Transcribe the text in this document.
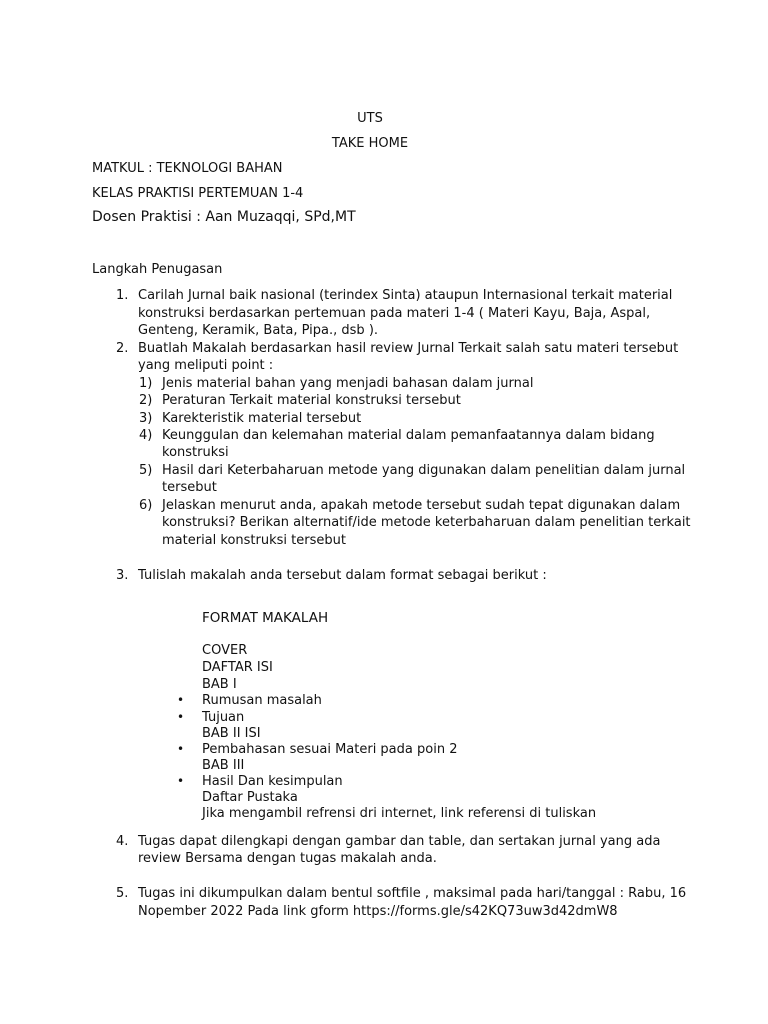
UTS
TAKE HOME
MATKUL : TEKNOLOGI BAHAN
KELAS PRAKTISI PERTEMUAN 1-4
Dosen Praktisi : Aan Muzaqqi, SPd,MT
Langkah Penugasan
1. Carilah Jurnal baik nasional (terindex Sinta) ataupun Internasional terkait material
konstruksi berdasarkan pertemuan pada materi 1-4 ( Materi Kayu, Baja, Aspal,
Genteng, Keramik, Bata, Pipa., dsb ).
2. Buatlah Makalah berdasarkan hasil review Jurnal Terkait salah satu materi tersebut
yang meliputi point :
1) Jenis material bahan yang menjadi bahasan dalam jurnal
2) Peraturan Terkait material konstruksi tersebut
3) Karekteristik material tersebut
4) Keunggulan dan kelemahan material dalam pemanfaatannya dalam bidang
konstruksi
5) Hasil dari Keterbaharuan metode yang digunakan dalam penelitian dalam jurnal
tersebut
6) Jelaskan menurut anda, apakah metode tersebut sudah tepat digunakan dalam
konstruksi? Berikan alternatif/ide metode keterbaharuan dalam penelitian terkait
material konstruksi tersebut
3. Tulislah makalah anda tersebut dalam format sebagai berikut :
FORMAT MAKALAH
COVER
DAFTAR ISI
BAB I
• Rumusan masalah
• Tujuan
BAB II ISI
• Pembahasan sesuai Materi pada poin 2
BAB III
• Hasil Dan kesimpulan
Daftar Pustaka
Jika mengambil refrensi dri internet, link referensi di tuliskan
4. Tugas dapat dilengkapi dengan gambar dan table, dan sertakan jurnal yang ada
review Bersama dengan tugas makalah anda.
5. Tugas ini dikumpulkan dalam bentul softfile , maksimal pada hari/tanggal : Rabu, 16
Nopember 2022 Pada link gform https://forms.gle/s42KQ73uw3d42dmW8
